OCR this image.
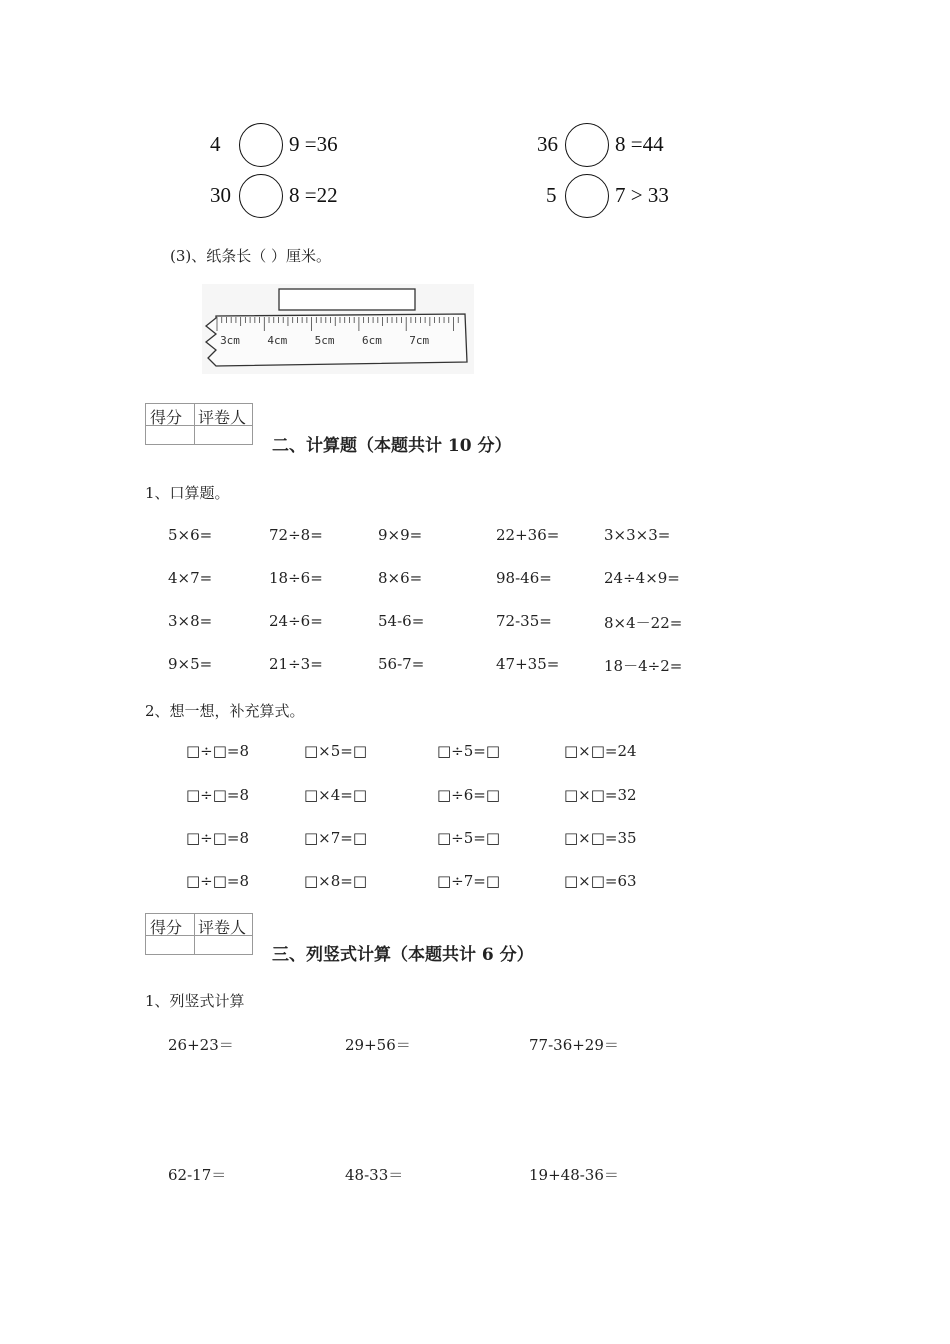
4	9 =36	36	8 =44
30	8 =22	5	7 > 33
(3)、纸条长（ ）厘米。
3cm 4cm 5cm 6cm 7cm
得分 评卷人
二、计算题（本题共计 10 分）
1、口算题。
5×6=	72÷8=	9×9=	22+36=	3×3×3=
4×7=	18÷6=	8×6=	98-46=	24÷4×9=
3×8=	24÷6=	54-6=	72-35=	8×4－22=
9×5=	21÷3=	56-7=	47+35=	18－4÷2=
2、想一想，补充算式。
□÷□=8	□×5=□	□÷5=□	□×□=24
□÷□=8	□×4=□	□÷6=□	□×□=32
□÷□=8	□×7=□	□÷5=□	□×□=35
□÷□=8	□×8=□	□÷7=□	□×□=63
得分 评卷人
三、列竖式计算（本题共计 6 分）
1、列竖式计算
26+23＝	29+56＝	77-36+29＝
62-17＝	48-33＝	19+48-36＝
